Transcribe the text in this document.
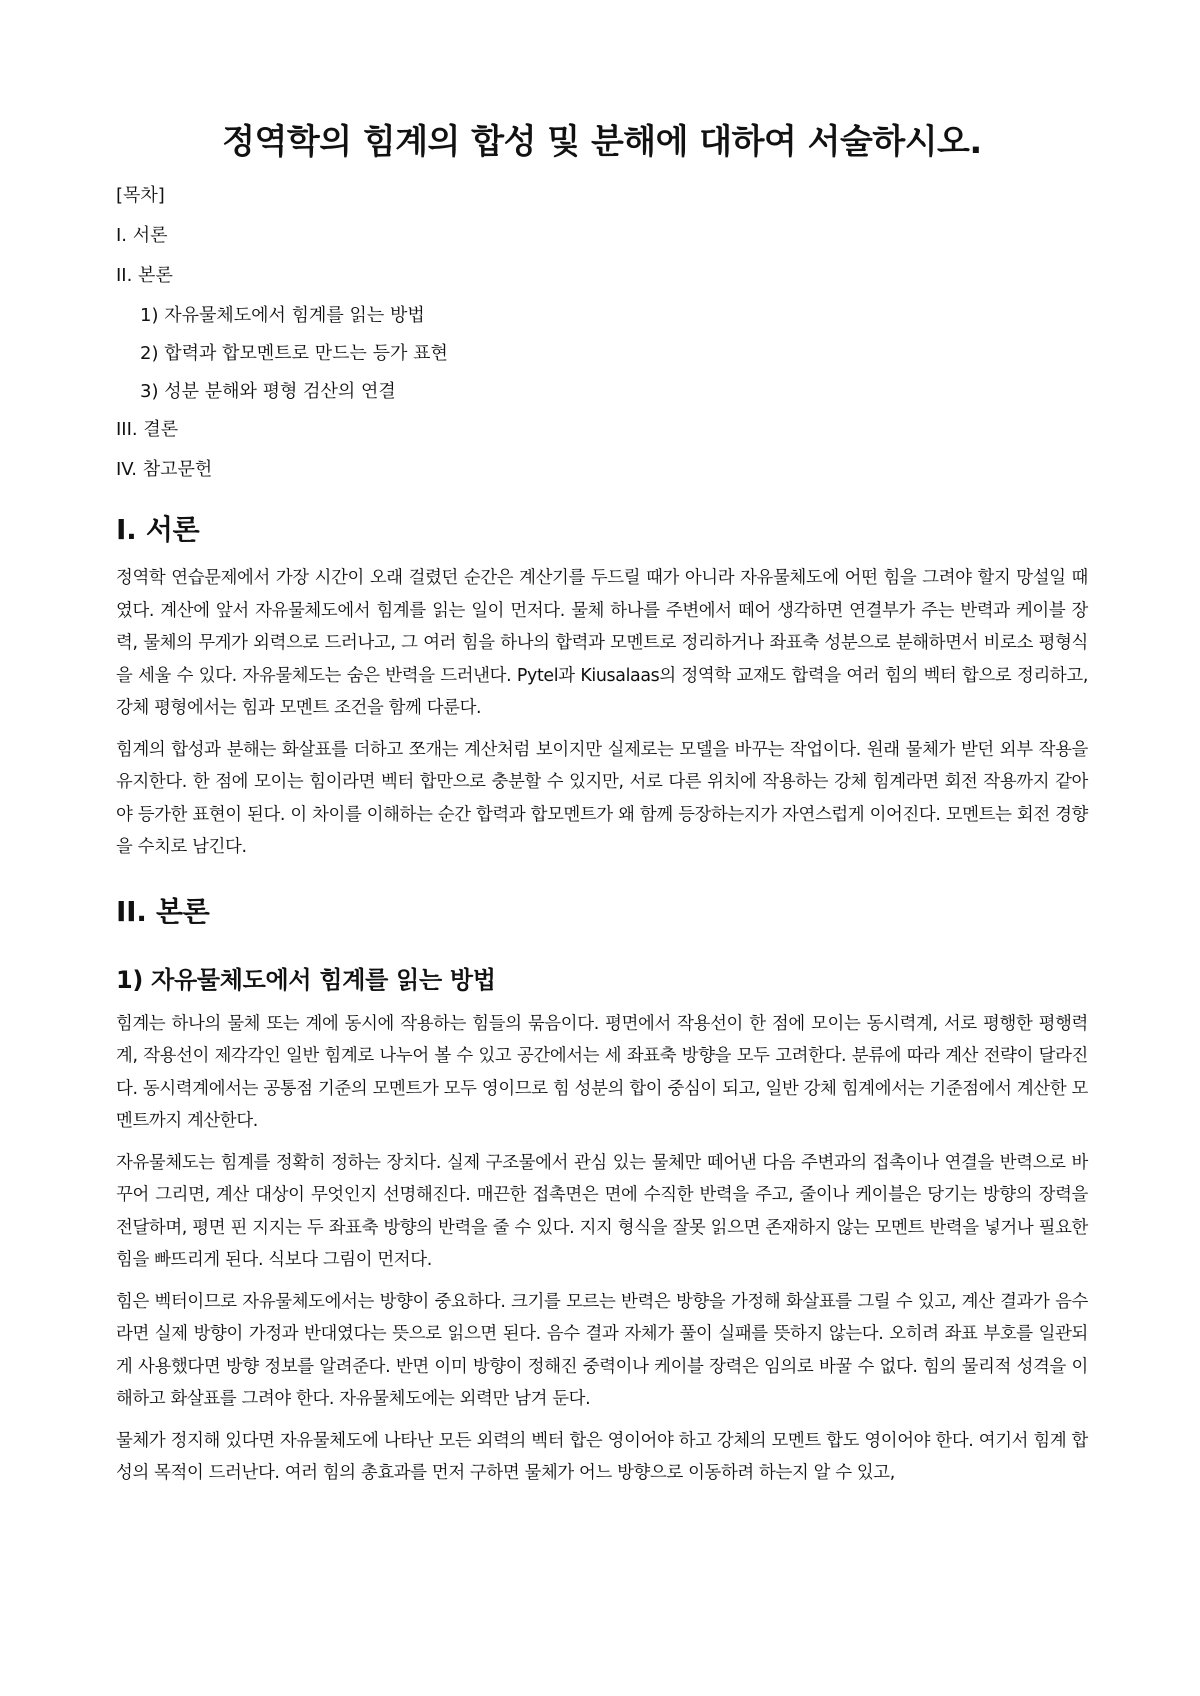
정역학의 힘계의 합성 및 분해에 대하여 서술하시오.
[목차]
I. 서론
II. 본론
1) 자유물체도에서 힘계를 읽는 방법
2) 합력과 합모멘트로 만드는 등가 표현
3) 성분 분해와 평형 검산의 연결
III. 결론
IV. 참고문헌
I. 서론

정역학 연습문제에서 가장 시간이 오래 걸렸던 순간은 계산기를 두드릴 때가 아니라 자유물체도에 어떤 힘을 그려야 할지 망설일 때였다. 계산에 앞서 자유물체도에서 힘계를 읽는 일이 먼저다. 물체 하나를 주변에서 떼어 생각하면 연결부가 주는 반력과 케이블 장력, 물체의 무게가 외력으로 드러나고, 그 여러 힘을 하나의 합력과 모멘트로 정리하거나 좌표축 성분으로 분해하면서 비로소 평형식을 세울 수 있다. 자유물체도는 숨은 반력을 드러낸다. Pytel과 Kiusalaas의 정역학 교재도 합력을 여러 힘의 벡터 합으로 정리하고, 강체 평형에서는 힘과 모멘트 조건을 함께 다룬다.

힘계의 합성과 분해는 화살표를 더하고 쪼개는 계산처럼 보이지만 실제로는 모델을 바꾸는 작업이다. 원래 물체가 받던 외부 작용을 유지한다. 한 점에 모이는 힘이라면 벡터 합만으로 충분할 수 있지만, 서로 다른 위치에 작용하는 강체 힘계라면 회전 작용까지 같아야 등가한 표현이 된다. 이 차이를 이해하는 순간 합력과 합모멘트가 왜 함께 등장하는지가 자연스럽게 이어진다. 모멘트는 회전 경향을 수치로 남긴다.

II. 본론
1) 자유물체도에서 힘계를 읽는 방법

힘계는 하나의 물체 또는 계에 동시에 작용하는 힘들의 묶음이다. 평면에서 작용선이 한 점에 모이는 동시력계, 서로 평행한 평행력계, 작용선이 제각각인 일반 힘계로 나누어 볼 수 있고 공간에서는 세 좌표축 방향을 모두 고려한다. 분류에 따라 계산 전략이 달라진다. 동시력계에서는 공통점 기준의 모멘트가 모두 영이므로 힘 성분의 합이 중심이 되고, 일반 강체 힘계에서는 기준점에서 계산한 모멘트까지 계산한다.

자유물체도는 힘계를 정확히 정하는 장치다. 실제 구조물에서 관심 있는 물체만 떼어낸 다음 주변과의 접촉이나 연결을 반력으로 바꾸어 그리면, 계산 대상이 무엇인지 선명해진다. 매끈한 접촉면은 면에 수직한 반력을 주고, 줄이나 케이블은 당기는 방향의 장력을 전달하며, 평면 핀 지지는 두 좌표축 방향의 반력을 줄 수 있다. 지지 형식을 잘못 읽으면 존재하지 않는 모멘트 반력을 넣거나 필요한 힘을 빠뜨리게 된다. 식보다 그림이 먼저다.

힘은 벡터이므로 자유물체도에서는 방향이 중요하다. 크기를 모르는 반력은 방향을 가정해 화살표를 그릴 수 있고, 계산 결과가 음수라면 실제 방향이 가정과 반대였다는 뜻으로 읽으면 된다. 음수 결과 자체가 풀이 실패를 뜻하지 않는다. 오히려 좌표 부호를 일관되게 사용했다면 방향 정보를 알려준다. 반면 이미 방향이 정해진 중력이나 케이블 장력은 임의로 바꿀 수 없다. 힘의 물리적 성격을 이해하고 화살표를 그려야 한다. 자유물체도에는 외력만 남겨 둔다.

물체가 정지해 있다면 자유물체도에 나타난 모든 외력의 벡터 합은 영이어야 하고 강체의 모멘트 합도 영이어야 한다. 여기서 힘계 합성의 목적이 드러난다. 여러 힘의 총효과를 먼저 구하면 물체가 어느 방향으로 이동하려 하는지 알 수 있고,
